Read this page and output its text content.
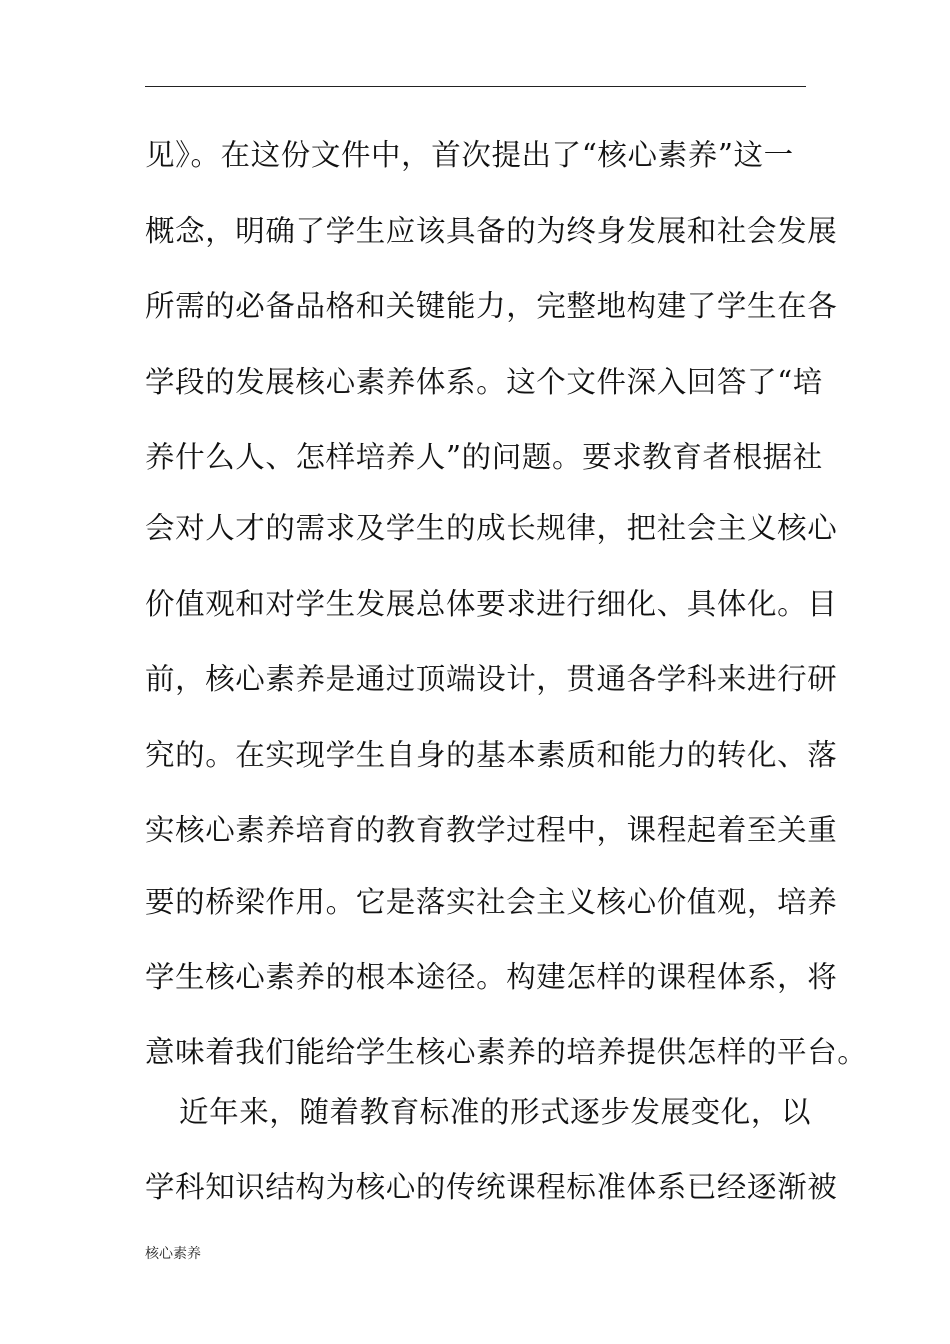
见》。在这份文件中，首次提出了“核心素养”这一
概念，明确了学生应该具备的为终身发展和社会发展
所需的必备品格和关键能力，完整地构建了学生在各
学段的发展核心素养体系。这个文件深入回答了“培
养什么人、怎样培养人”的问题。要求教育者根据社
会对人才的需求及学生的成长规律，把社会主义核心
价值观和对学生发展总体要求进行细化、具体化。目
前，核心素养是通过顶端设计，贯通各学科来进行研
究的。在实现学生自身的基本素质和能力的转化、落
实核心素养培育的教育教学过程中，课程起着至关重
要的桥梁作用。它是落实社会主义核心价值观，培养
学生核心素养的根本途径。构建怎样的课程体系，将
意味着我们能给学生核心素养的培养提供怎样的平台。
近年来，随着教育标准的形式逐步发展变化，以
学科知识结构为核心的传统课程标准体系已经逐渐被
核心素养
